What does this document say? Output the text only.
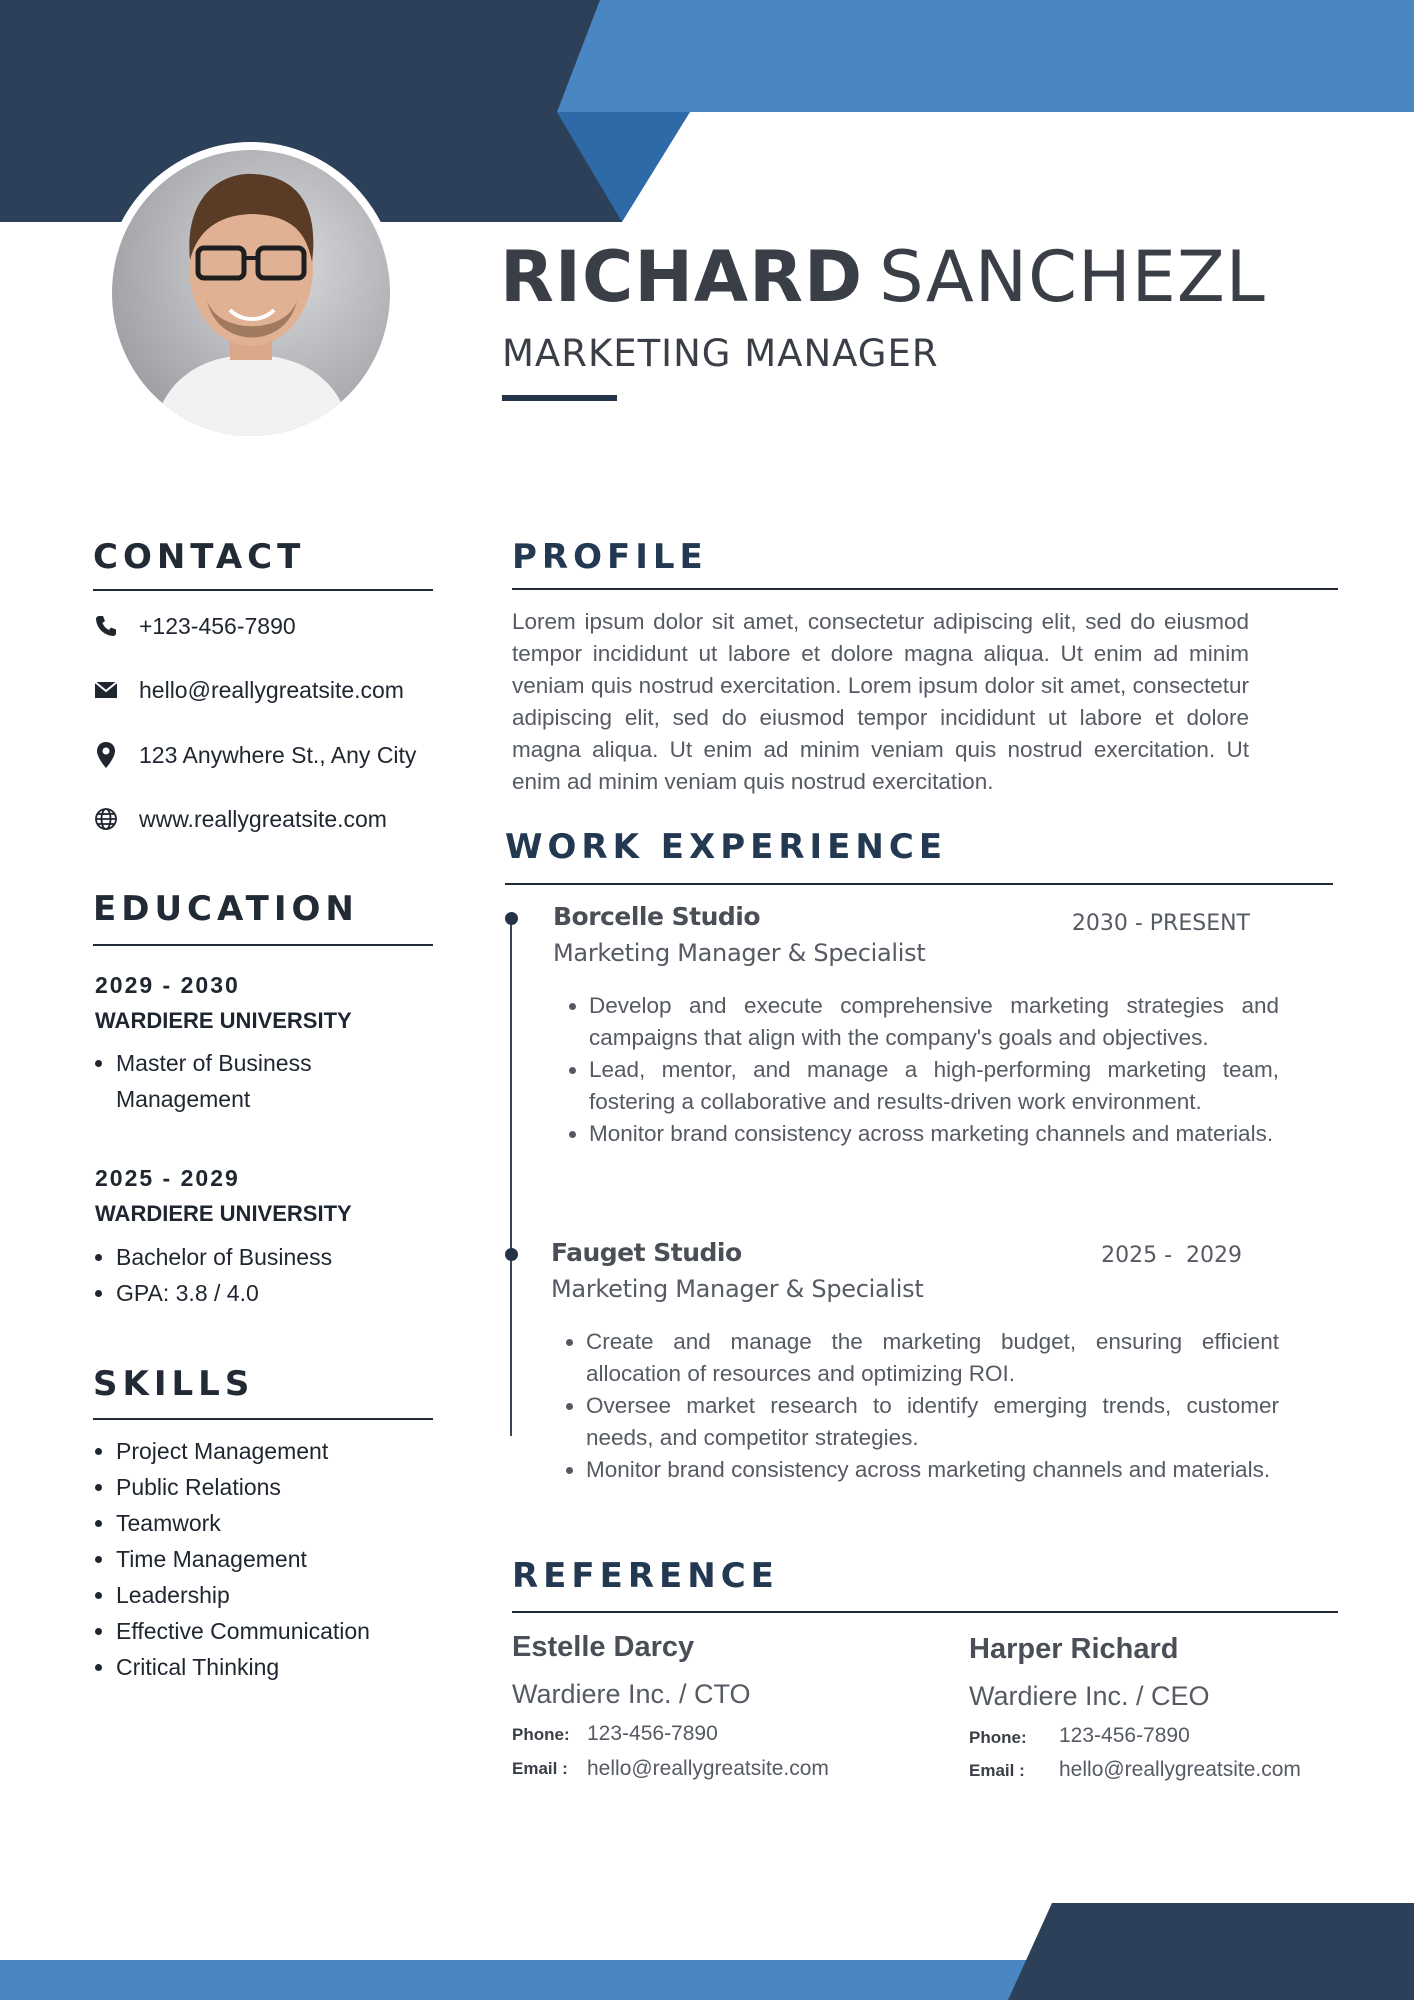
RICHARD SANCHEZL
MARKETING MANAGER
CONTACT
+123-456-7890
hello@reallygreatsite.com
123 Anywhere St., Any City
www.reallygreatsite.com
EDUCATION
2029 - 2030
WARDIERE UNIVERSITY
• Master of Business Management
2025 - 2029
WARDIERE UNIVERSITY
• Bachelor of Business
• GPA: 3.8 / 4.0
SKILLS
• Project Management
• Public Relations
• Teamwork
• Time Management
• Leadership
• Effective Communication
• Critical Thinking
PROFILE
Lorem ipsum dolor sit amet, consectetur adipiscing elit, sed do eiusmod tempor incididunt ut labore et dolore magna aliqua. Ut enim ad minim veniam quis nostrud exercitation. Lorem ipsum dolor sit amet, consectetur adipiscing elit, sed do eiusmod tempor incididunt ut labore et dolore magna aliqua. Ut enim ad minim veniam quis nostrud exercitation. Ut enim ad minim veniam quis nostrud exercitation.
WORK EXPERIENCE
Borcelle Studio	2030 - PRESENT
Marketing Manager & Specialist
• Develop and execute comprehensive marketing strategies and campaigns that align with the company's goals and objectives.
• Lead, mentor, and manage a high-performing marketing team, fostering a collaborative and results-driven work environment.
• Monitor brand consistency across marketing channels and materials.
Fauget Studio	2025 -  2029
Marketing Manager & Specialist
• Create and manage the marketing budget, ensuring efficient allocation of resources and optimizing ROI.
• Oversee market research to identify emerging trends, customer needs, and competitor strategies.
• Monitor brand consistency across marketing channels and materials.
REFERENCE
Estelle Darcy
Wardiere Inc. / CTO
Phone: 123-456-7890
Email : hello@reallygreatsite.com
Harper Richard
Wardiere Inc. / CEO
Phone: 123-456-7890
Email : hello@reallygreatsite.com
